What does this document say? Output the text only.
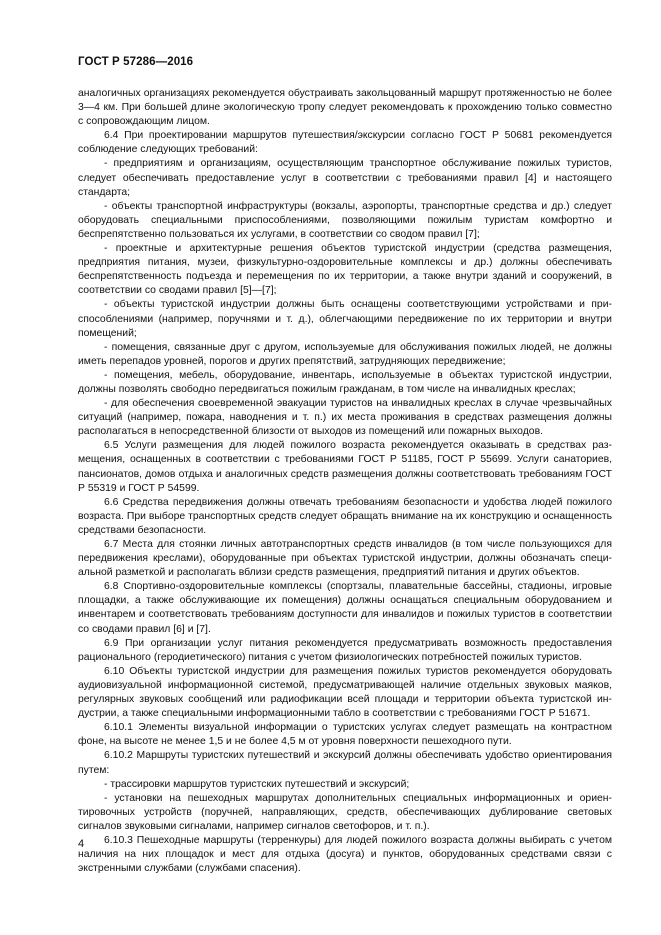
ГОСТ Р 57286—2016

аналогичных организациях рекомендуется обустраивать закольцованный маршрут протяженностью не более 3—4 км. При большей длине экологическую тропу следует рекомендовать к прохождению только совместно с сопровождающим лицом.

6.4 При проектировании маршрутов путешествия/экскурсии согласно ГОСТ Р 50681 рекомендуется соблюдение следующих требований:

- предприятиям и организациям, осуществляющим транспортное обслуживание пожилых туристов, следует обеспечивать предоставление услуг в соответствии с требованиями правил [4] и настоящего стандарта;

- объекты транспортной инфраструктуры (вокзалы, аэропорты, транспортные средства и др.) следует оборудовать специальными приспособлениями, позволяющими пожилым туристам комфортно и беспрепятственно пользоваться их услугами, в соответствии со сводом правил [7];

- проектные и архитектурные решения объектов туристской индустрии (средства размещения, предприятия питания, музеи, физкультурно-оздоровительные комплексы и др.) должны обеспечивать беспрепятственность подъезда и перемещения по их территории, а также внутри зданий и сооружений, в соответствии со сводами правил [5]—[7];

- объекты туристской индустрии должны быть оснащены соответствующими устройствами и приспособлениями (например, поручнями и т. д.), облегчающими передвижение по их территории и внутри помещений;

- помещения, связанные друг с другом, используемые для обслуживания пожилых людей, не должны иметь перепадов уровней, порогов и других препятствий, затрудняющих передвижение;

- помещения, мебель, оборудование, инвентарь, используемые в объектах туристской индустрии, должны позволять свободно передвигаться пожилым гражданам, в том числе на инвалидных креслах;

- для обеспечения своевременной эвакуации туристов на инвалидных креслах в случае чрезвычайных ситуаций (например, пожара, наводнения и т. п.) их места проживания в средствах размещения должны располагаться в непосредственной близости от выходов из помещений или пожарных выходов.

6.5 Услуги размещения для людей пожилого возраста рекомендуется оказывать в средствах размещения, оснащенных в соответствии с требованиями ГОСТ Р 51185, ГОСТ Р 55699. Услуги санаториев, пансионатов, домов отдыха и аналогичных средств размещения должны соответствовать требованиям ГОСТ Р 55319 и ГОСТ Р 54599.

6.6 Средства передвижения должны отвечать требованиям безопасности и удобства людей пожилого возраста. При выборе транспортных средств следует обращать внимание на их конструкцию и оснащенность средствами безопасности.

6.7 Места для стоянки личных автотранспортных средств инвалидов (в том числе пользующихся для передвижения креслами), оборудованные при объектах туристской индустрии, должны обозначать специальной разметкой и располагать вблизи средств размещения, предприятий питания и других объектов.

6.8 Спортивно-оздоровительные комплексы (спортзалы, плавательные бассейны, стадионы, игровые площадки, а также обслуживающие их помещения) должны оснащаться специальным оборудованием и инвентарем и соответствовать требованиям доступности для инвалидов и пожилых туристов в соответствии со сводами правил [6] и [7].

6.9 При организации услуг питания рекомендуется предусматривать возможность предоставления рационального (геродиетического) питания с учетом физиологических потребностей пожилых туристов.

6.10 Объекты туристской индустрии для размещения пожилых туристов рекомендуется оборудовать аудиовизуальной информационной системой, предусматривающей наличие отдельных звуковых маяков, регулярных звуковых сообщений или радиофикации всей площади и территории объекта туристской индустрии, а также специальными информационными табло в соответствии с требованиями ГОСТ Р 51671.

6.10.1 Элементы визуальной информации о туристских услугах следует размещать на контрастном фоне, на высоте не менее 1,5 и не более 4,5 м от уровня поверхности пешеходного пути.

6.10.2 Маршруты туристских путешествий и экскурсий должны обеспечивать удобство ориентирования путем:

- трассировки маршрутов туристских путешествий и экскурсий;

- установки на пешеходных маршрутах дополнительных специальных информационных и ориентировочных устройств (поручней, направляющих, средств, обеспечивающих дублирование световых сигналов звуковыми сигналами, например сигналов светофоров, и т. п.).

6.10.3 Пешеходные маршруты (терренкуры) для людей пожилого возраста должны выбирать с учетом наличия на них площадок и мест для отдыха (досуга) и пунктов, оборудованных средствами связи с экстренными службами (службами спасения).

4
